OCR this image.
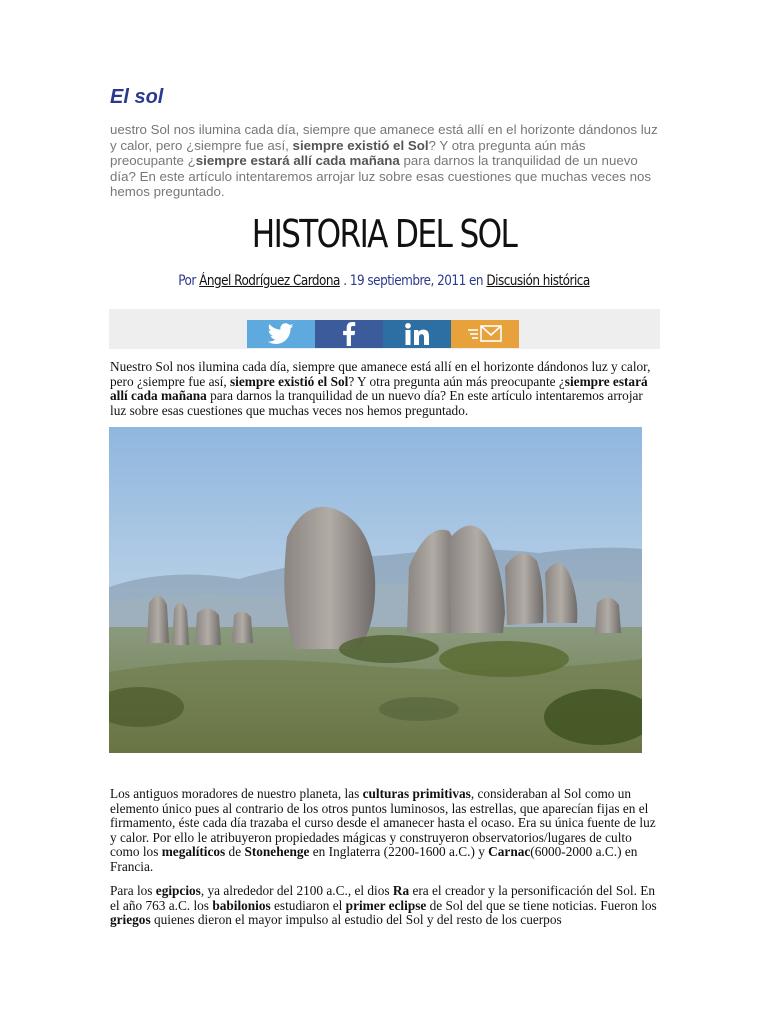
El sol

uestro Sol nos ilumina cada día, siempre que amanece está allí en el horizonte dándonos luz y calor, pero ¿siempre fue así, siempre existió el Sol? Y otra pregunta aún más preocupante ¿siempre estará allí cada mañana para darnos la tranquilidad de un nuevo día? En este artículo intentaremos arrojar luz sobre esas cuestiones que muchas veces nos hemos preguntado.

HISTORIA DEL SOL
Por Ángel Rodríguez Cardona . 19 septiembre, 2011 en Discusión histórica

Nuestro Sol nos ilumina cada día, siempre que amanece está allí en el horizonte dándonos luz y calor, pero ¿siempre fue así, siempre existió el Sol? Y otra pregunta aún más preocupante ¿siempre estará allí cada mañana para darnos la tranquilidad de un nuevo día? En este artículo intentaremos arrojar luz sobre esas cuestiones que muchas veces nos hemos preguntado.

Los antiguos moradores de nuestro planeta, las culturas primitivas, consideraban al Sol como un elemento único pues al contrario de los otros puntos luminosos, las estrellas, que aparecían fijas en el firmamento, éste cada día trazaba el curso desde el amanecer hasta el ocaso. Era su única fuente de luz y calor. Por ello le atribuyeron propiedades mágicas y construyeron observatorios/lugares de culto como los megalíticos de Stonehenge en Inglaterra (2200-1600 a.C.) y Carnac(6000-2000 a.C.) en Francia.

Para los egipcios, ya alrededor del 2100 a.C., el dios Ra era el creador y la personificación del Sol. En el año 763 a.C. los babilonios estudiaron el primer eclipse de Sol del que se tiene noticias. Fueron los griegos quienes dieron el mayor impulso al estudio del Sol y del resto de los cuerpos
